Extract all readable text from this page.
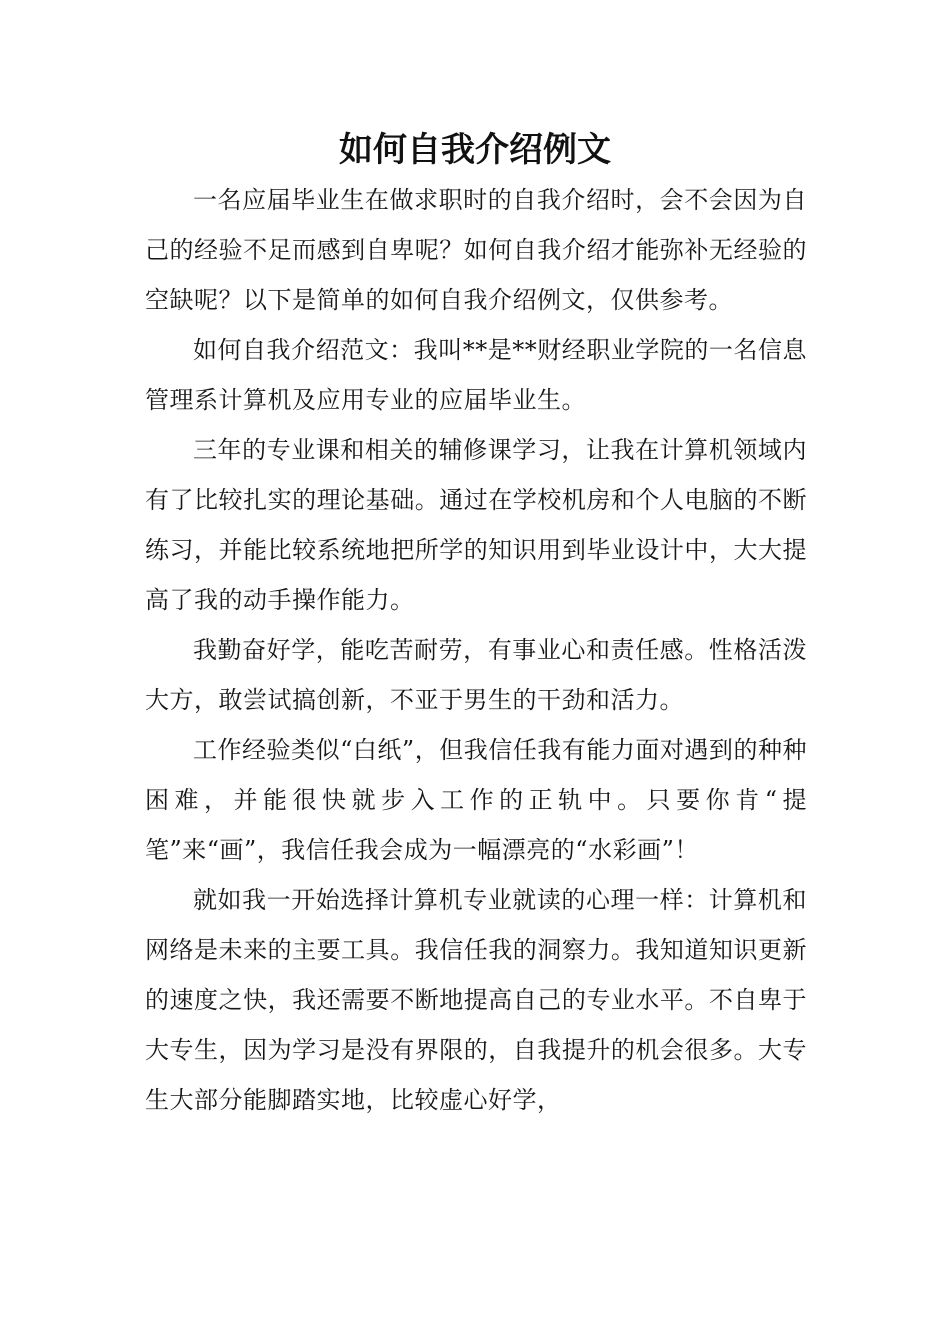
如何自我介绍例文

一名应届毕业生在做求职时的自我介绍时，会不会因为自己的经验不足而感到自卑呢？如何自我介绍才能弥补无经验的空缺呢？以下是简单的如何自我介绍例文，仅供参考。

如何自我介绍范文：我叫**是**财经职业学院的一名信息管理系计算机及应用专业的应届毕业生。

三年的专业课和相关的辅修课学习，让我在计算机领域内有了比较扎实的理论基础。通过在学校机房和个人电脑的不断练习，并能比较系统地把所学的知识用到毕业设计中，大大提高了我的动手操作能力。

我勤奋好学，能吃苦耐劳，有事业心和责任感。性格活泼大方，敢尝试搞创新，不亚于男生的干劲和活力。

工作经验类似“白纸”，但我信任我有能力面对遇到的种种困难，并能很快就步入工作的正轨中。只要你肯“提笔”来“画”，我信任我会成为一幅漂亮的“水彩画”！

就如我一开始选择计算机专业就读的心理一样：计算机和网络是未来的主要工具。我信任我的洞察力。我知道知识更新的速度之快，我还需要不断地提高自己的专业水平。不自卑于大专生，因为学习是没有界限的，自我提升的机会很多。大专生大部分能脚踏实地，比较虚心好学，
